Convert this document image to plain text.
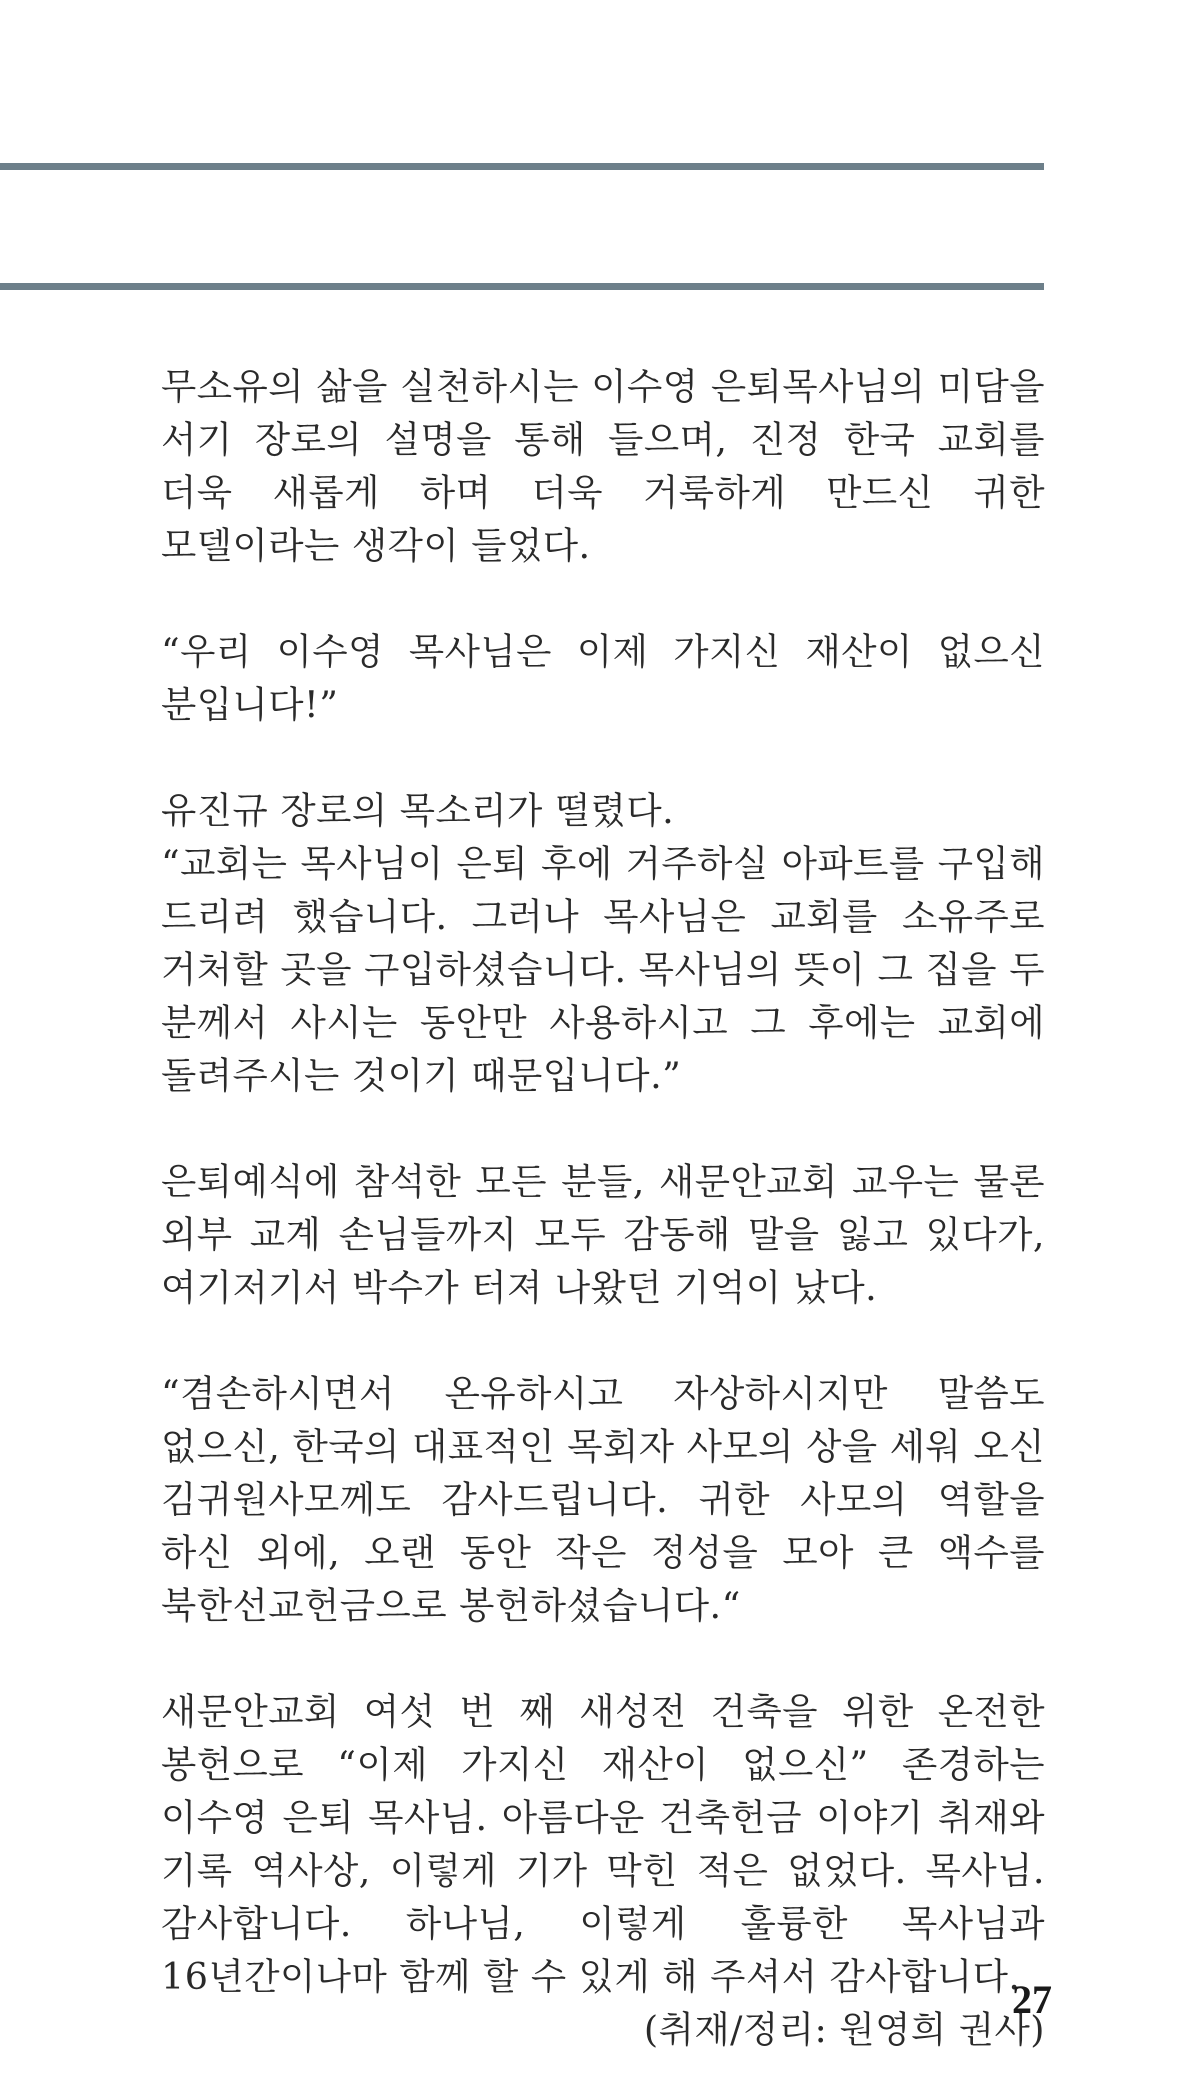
무소유의 삶을 실천하시는 이수영 은퇴목사님의 미담을 서기 장로의 설명을 통해 들으며, 진정 한국 교회를 더욱 새롭게 하며 더욱 거룩하게 만드신 귀한 모델이라는 생각이 들었다.

“우리 이수영 목사님은 이제 가지신 재산이 없으신 분입니다!”

유진규 장로의 목소리가 떨렸다.

“교회는 목사님이 은퇴 후에 거주하실 아파트를 구입해 드리려 했습니다. 그러나 목사님은 교회를 소유주로 거처할 곳을 구입하셨습니다. 목사님의 뜻이 그 집을 두 분께서 사시는 동안만 사용하시고 그 후에는 교회에 돌려주시는 것이기 때문입니다.”

은퇴예식에 참석한 모든 분들, 새문안교회 교우는 물론 외부 교계 손님들까지 모두 감동해 말을 잃고 있다가, 여기저기서 박수가 터져 나왔던 기억이 났다.

“겸손하시면서 온유하시고 자상하시지만 말씀도 없으신, 한국의 대표적인 목회자 사모의 상을 세워 오신 김귀원사모께도 감사드립니다. 귀한 사모의 역할을 하신 외에, 오랜 동안 작은 정성을 모아 큰 액수를 북한선교헌금으로 봉헌하셨습니다.“

새문안교회 여섯 번 째 새성전 건축을 위한 온전한 봉헌으로 “이제 가지신 재산이 없으신” 존경하는 이수영 은퇴 목사님. 아름다운 건축헌금 이야기 취재와 기록 역사상, 이렇게 기가 막힌 적은 없었다. 목사님. 감사합니다. 하나님, 이렇게 훌륭한 목사님과 16년간이나마 함께 할 수 있게 해 주셔서 감사합니다.

(취재/정리: 원영희 권사)

27
